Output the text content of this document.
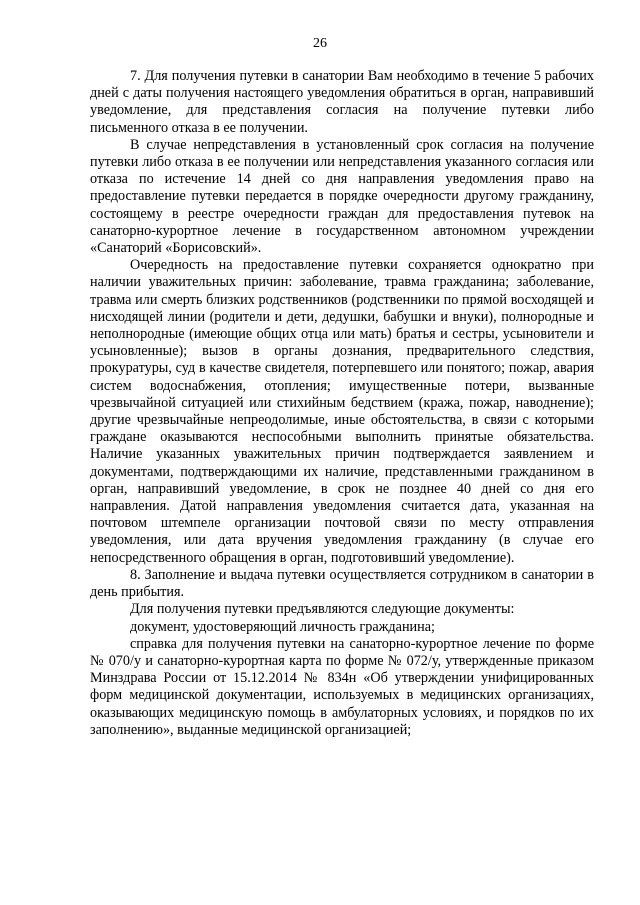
26

7. Для получения путевки в санатории Вам необходимо в течение 5 рабочих дней с даты получения настоящего уведомления обратиться в орган, направивший уведомление, для представления согласия на получение путевки либо письменного отказа в ее получении.

В случае непредставления в установленный срок согласия на получение путевки либо отказа в ее получении или непредставления указанного согласия или отказа по истечение 14 дней со дня направления уведомления право на предоставление путевки передается в порядке очередности другому гражданину, состоящему в реестре очередности граждан для предоставления путевок на санаторно-курортное лечение в государственном автономном учреждении «Санаторий «Борисовский».

Очередность на предоставление путевки сохраняется однократно при наличии уважительных причин: заболевание, травма гражданина; заболевание, травма или смерть близких родственников (родственники по прямой восходящей и нисходящей линии (родители и дети, дедушки, бабушки и внуки), полнородные и неполнородные (имеющие общих отца или мать) братья и сестры, усыновители и усыновленные); вызов в органы дознания, предварительного следствия, прокуратуры, суд в качестве свидетеля, потерпевшего или понятого; пожар, авария систем водоснабжения, отопления; имущественные потери, вызванные чрезвычайной ситуацией или стихийным бедствием (кража, пожар, наводнение); другие чрезвычайные непреодолимые, иные обстоятельства, в связи с которыми граждане оказываются неспособными выполнить принятые обязательства. Наличие указанных уважительных причин подтверждается заявлением и документами, подтверждающими их наличие, представленными гражданином в орган, направивший уведомление, в срок не позднее 40 дней со дня его направления. Датой направления уведомления считается дата, указанная на почтовом штемпеле организации почтовой связи по месту отправления уведомления, или дата вручения уведомления гражданину (в случае его непосредственного обращения в орган, подготовивший уведомление).

8. Заполнение и выдача путевки осуществляется сотрудником в санатории в день прибытия.

Для получения путевки предъявляются следующие документы:

документ, удостоверяющий личность гражданина;

справка для получения путевки на санаторно-курортное лечение по форме № 070/у и санаторно-курортная карта по форме № 072/у, утвержденные приказом Минздрава России от 15.12.2014 № 834н «Об утверждении унифицированных форм медицинской документации, используемых в медицинских организациях, оказывающих медицинскую помощь в амбулаторных условиях, и порядков по их заполнению», выданные медицинской организацией;
